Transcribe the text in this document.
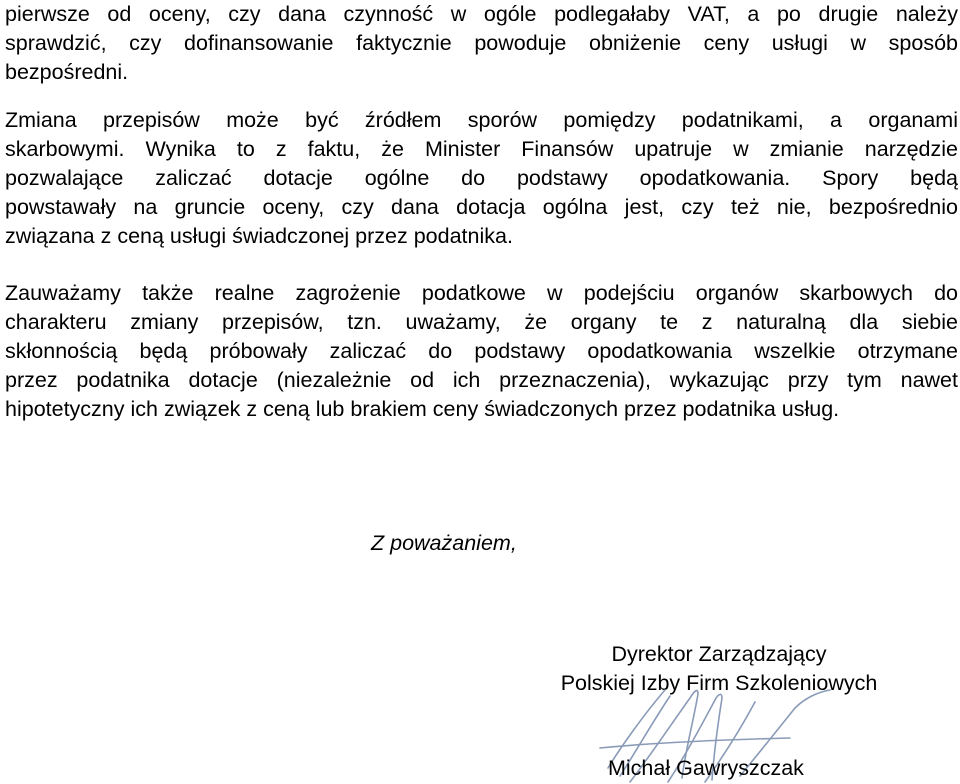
pierwsze od oceny, czy dana czynność w ogóle podlegałaby VAT, a po drugie należy
sprawdzić, czy dofinansowanie faktycznie powoduje obniżenie ceny usługi w sposób
bezpośredni.
Zmiana przepisów może być źródłem sporów pomiędzy podatnikami, a organami
skarbowymi. Wynika to z faktu, że Minister Finansów upatruje w zmianie narzędzie
pozwalające zaliczać dotacje ogólne do podstawy opodatkowania. Spory będą
powstawały na gruncie oceny, czy dana dotacja ogólna jest, czy też nie, bezpośrednio
związana z ceną usługi świadczonej przez podatnika.
Zauważamy także realne zagrożenie podatkowe w podejściu organów skarbowych do
charakteru zmiany przepisów, tzn. uważamy, że organy te z naturalną dla siebie
skłonnością będą próbowały zaliczać do podstawy opodatkowania wszelkie otrzymane
przez podatnika dotacje (niezależnie od ich przeznaczenia), wykazując przy tym nawet
hipotetyczny ich związek z ceną lub brakiem ceny świadczonych przez podatnika usług.

Z poważaniem,

Dyrektor Zarządzający
Polskiej Izby Firm Szkoleniowych
Michał Gawryszczak
